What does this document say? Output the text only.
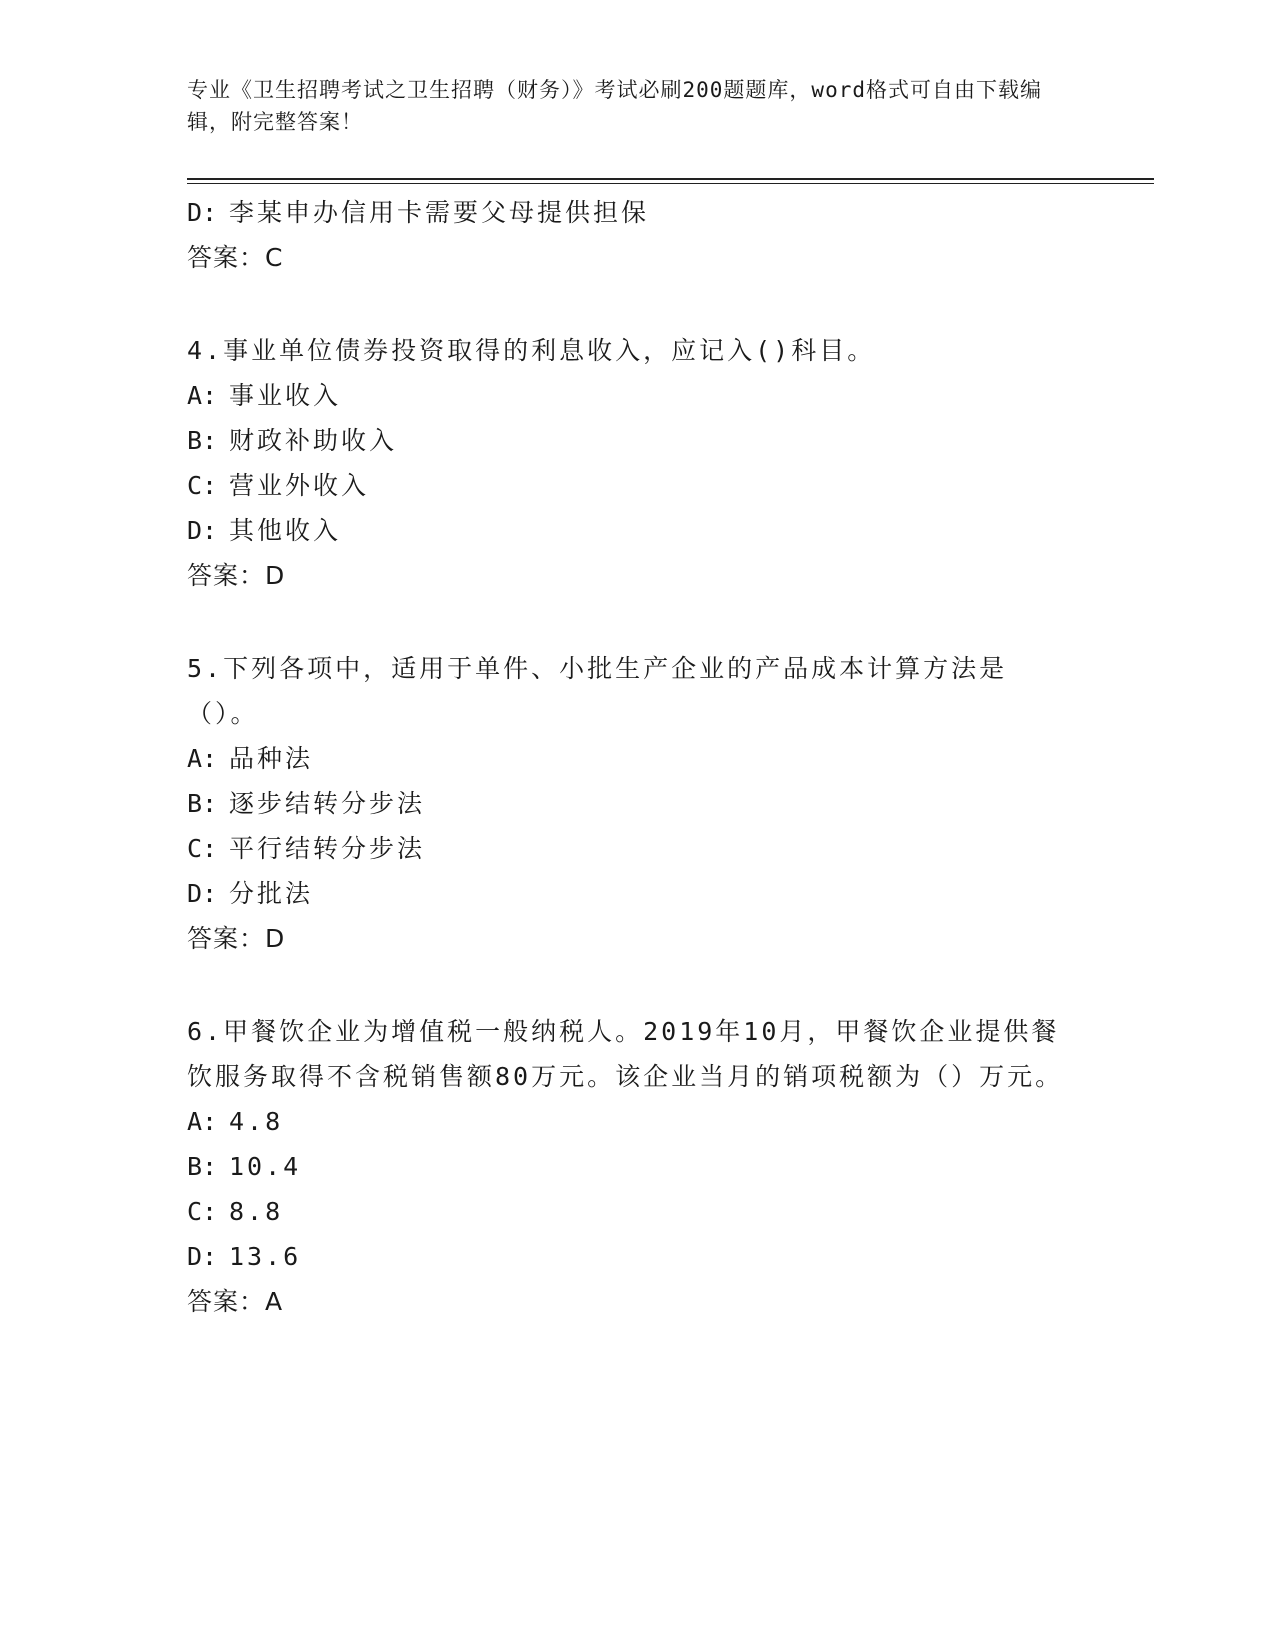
专业《卫生招聘考试之卫生招聘（财务）》考试必刷200题题库，word格式可自由下载编辑，附完整答案！
D: 李某申办信用卡需要父母提供担保
答案：C
4.事业单位债券投资取得的利息收入，应记入()科目。
A: 事业收入
B: 财政补助收入
C: 营业外收入
D: 其他收入
答案：D
5.下列各项中，适用于单件、小批生产企业的产品成本计算方法是（）。
A: 品种法
B: 逐步结转分步法
C: 平行结转分步法
D: 分批法
答案：D
6.甲餐饮企业为增值税一般纳税人。2019年10月，甲餐饮企业提供餐饮服务取得不含税销售额80万元。该企业当月的销项税额为（）万元。
A: 4.8
B: 10.4
C: 8.8
D: 13.6
答案：A
